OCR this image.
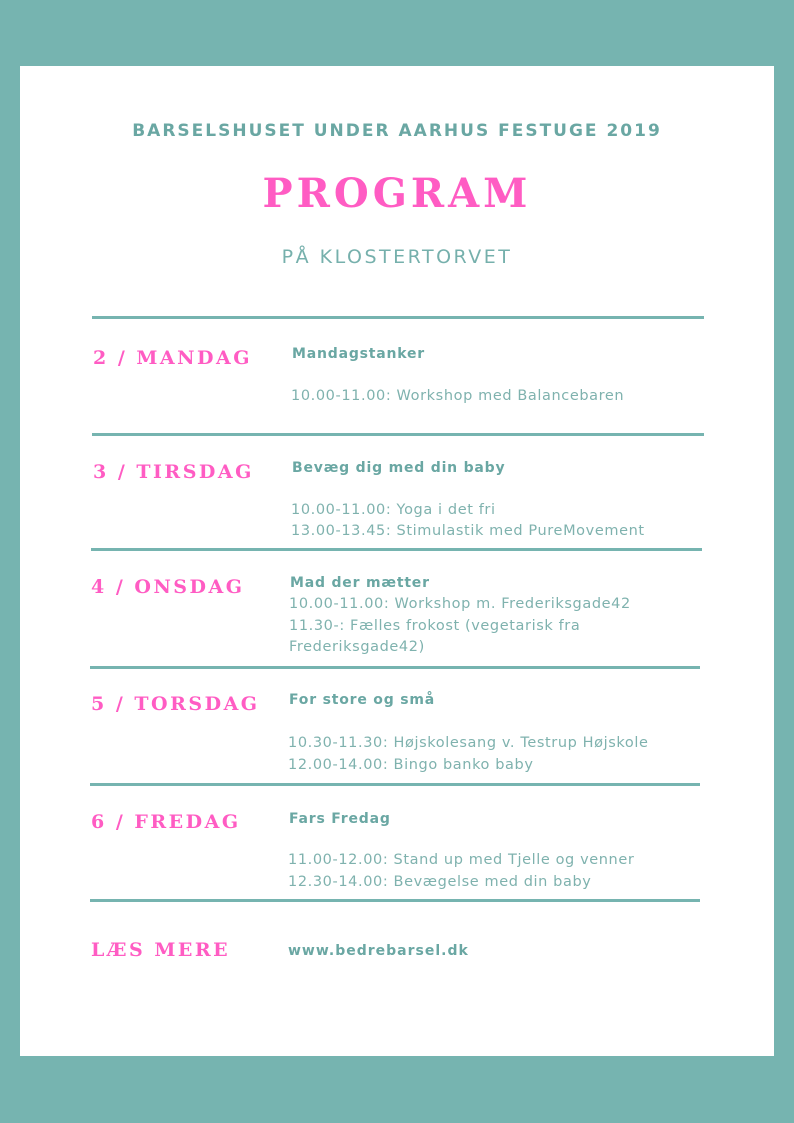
BARSELSHUSET UNDER AARHUS FESTUGE 2019
PROGRAM
PÅ KLOSTERTORVET
2 / MANDAG	Mandagstanker
10.00-11.00: Workshop med Balancebaren
3 / TIRSDAG	Bevæg dig med din baby
10.00-11.00: Yoga i det fri
13.00-13.45: Stimulastik med PureMovement
4 / ONSDAG	Mad der mætter
10.00-11.00: Workshop m. Frederiksgade42
11.30-: Fælles frokost (vegetarisk fra
Frederiksgade42)
5 / TORSDAG For store og små
10.30-11.30: Højskolesang v. Testrup Højskole
12.00-14.00: Bingo banko baby
6 / FREDAG	Fars Fredag
11.00-12.00: Stand up med Tjelle og venner
12.30-14.00: Bevægelse med din baby
LÆS MERE	www.bedrebarsel.dk
